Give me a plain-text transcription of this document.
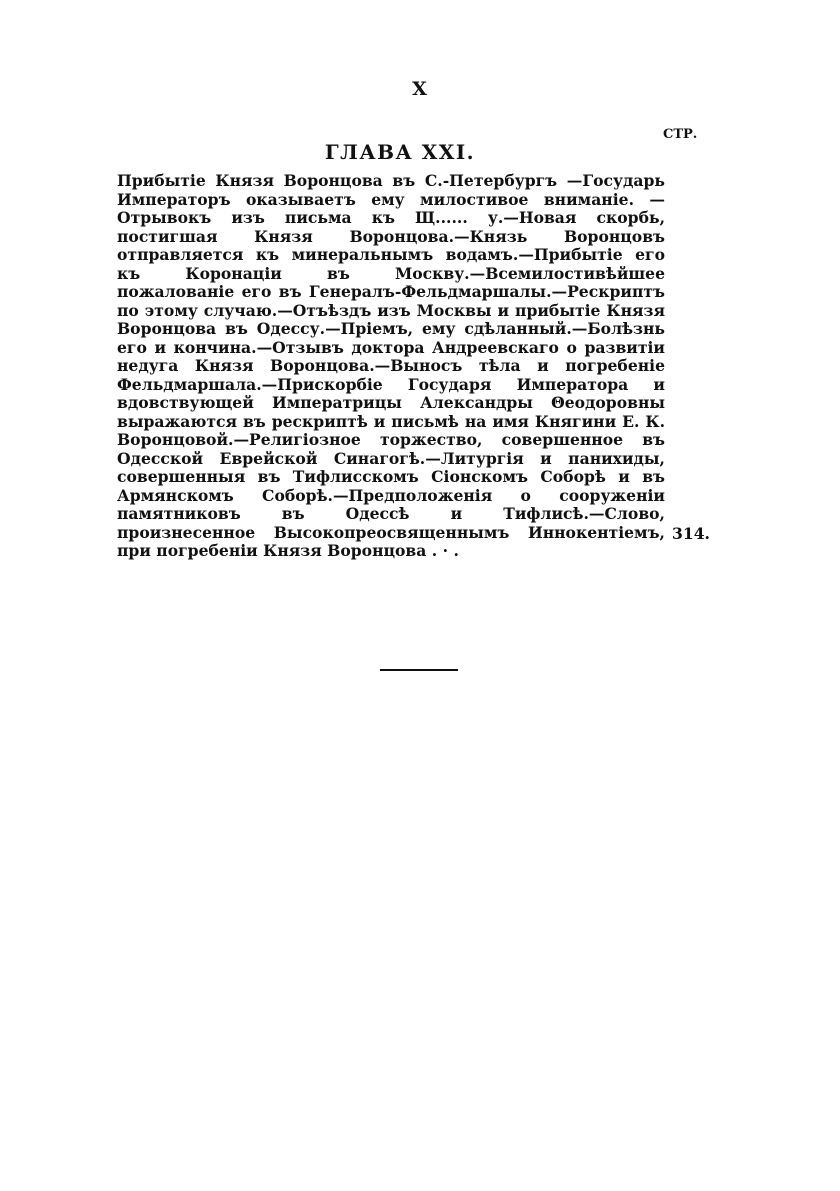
X
СТР.
ГЛАВА XXI.
Прибытіе Князя Воронцова въ С.-Петербургъ —Государь Императоръ оказываетъ ему милостивое вниманіе. — Отрывокъ изъ письма къ Щ...... у.—Новая скорбь, постигшая Князя Воронцова.—Князь Воронцовъ отправляется къ минеральнымъ водамъ.—Прибытіе его къ Коронаціи въ Москву.—Всемилостивѣйшее пожалованіе его въ Генералъ-Фельдмаршалы.—Рескриптъ по этому случаю.—Отъѣздъ изъ Москвы и прибытіе Князя Воронцова въ Одессу.—Пріемъ, ему сдѣланный.—Болѣзнь его и кончина.—Отзывъ доктора Андреевскаго о развитіи недуга Князя Воронцова.—Выносъ тѣла и погребеніе Фельдмаршала.—Прискорбіе Государя Императора и вдовствующей Императрицы Александры Θеодоровны выражаются въ рескриптѣ и письмѣ на имя Княгини Е. К. Воронцовой.—Религіозное торжество, совершенное въ Одесской Еврейской Синагогѣ.—Литургія и панихиды, совершенныя въ Тифлисскомъ Сіонскомъ Соборѣ и въ Армянскомъ Соборѣ.—Предположенія о сооруженіи памятниковъ въ Одессѣ и Тифлисѣ.—Слово, произнесенное Высокопреосвященнымъ Иннокентіемъ, при погребеніи Князя Воронцова . · .
314.
